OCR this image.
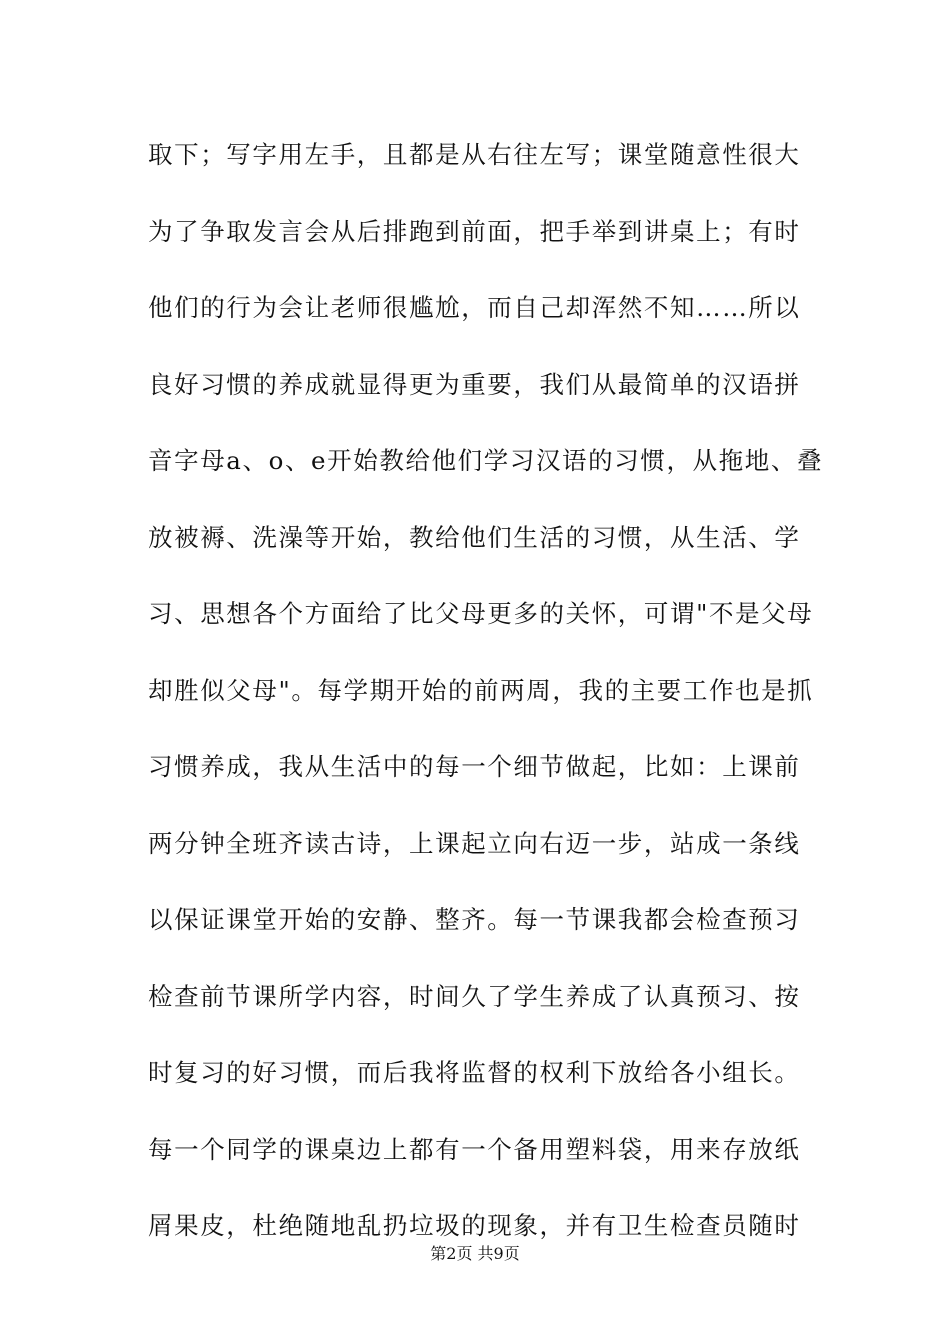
取下；写字用左手，且都是从右往左写；课堂随意性很大
为了争取发言会从后排跑到前面，把手举到讲桌上；有时
他们的行为会让老师很尴尬，而自己却浑然不知……所以
良好习惯的养成就显得更为重要，我们从最简单的汉语拼
音字母a、o、e开始教给他们学习汉语的习惯，从拖地、叠
放被褥、洗澡等开始，教给他们生活的习惯，从生活、学
习、思想各个方面给了比父母更多的关怀，可谓"不是父母
却胜似父母"。每学期开始的前两周，我的主要工作也是抓
习惯养成，我从生活中的每一个细节做起，比如：上课前
两分钟全班齐读古诗，上课起立向右迈一步，站成一条线
以保证课堂开始的安静、整齐。每一节课我都会检查预习
检查前节课所学内容，时间久了学生养成了认真预习、按
时复习的好习惯，而后我将监督的权利下放给各小组长。
每一个同学的课桌边上都有一个备用塑料袋，用来存放纸
屑果皮，杜绝随地乱扔垃圾的现象，并有卫生检查员随时
第2页 共9页
